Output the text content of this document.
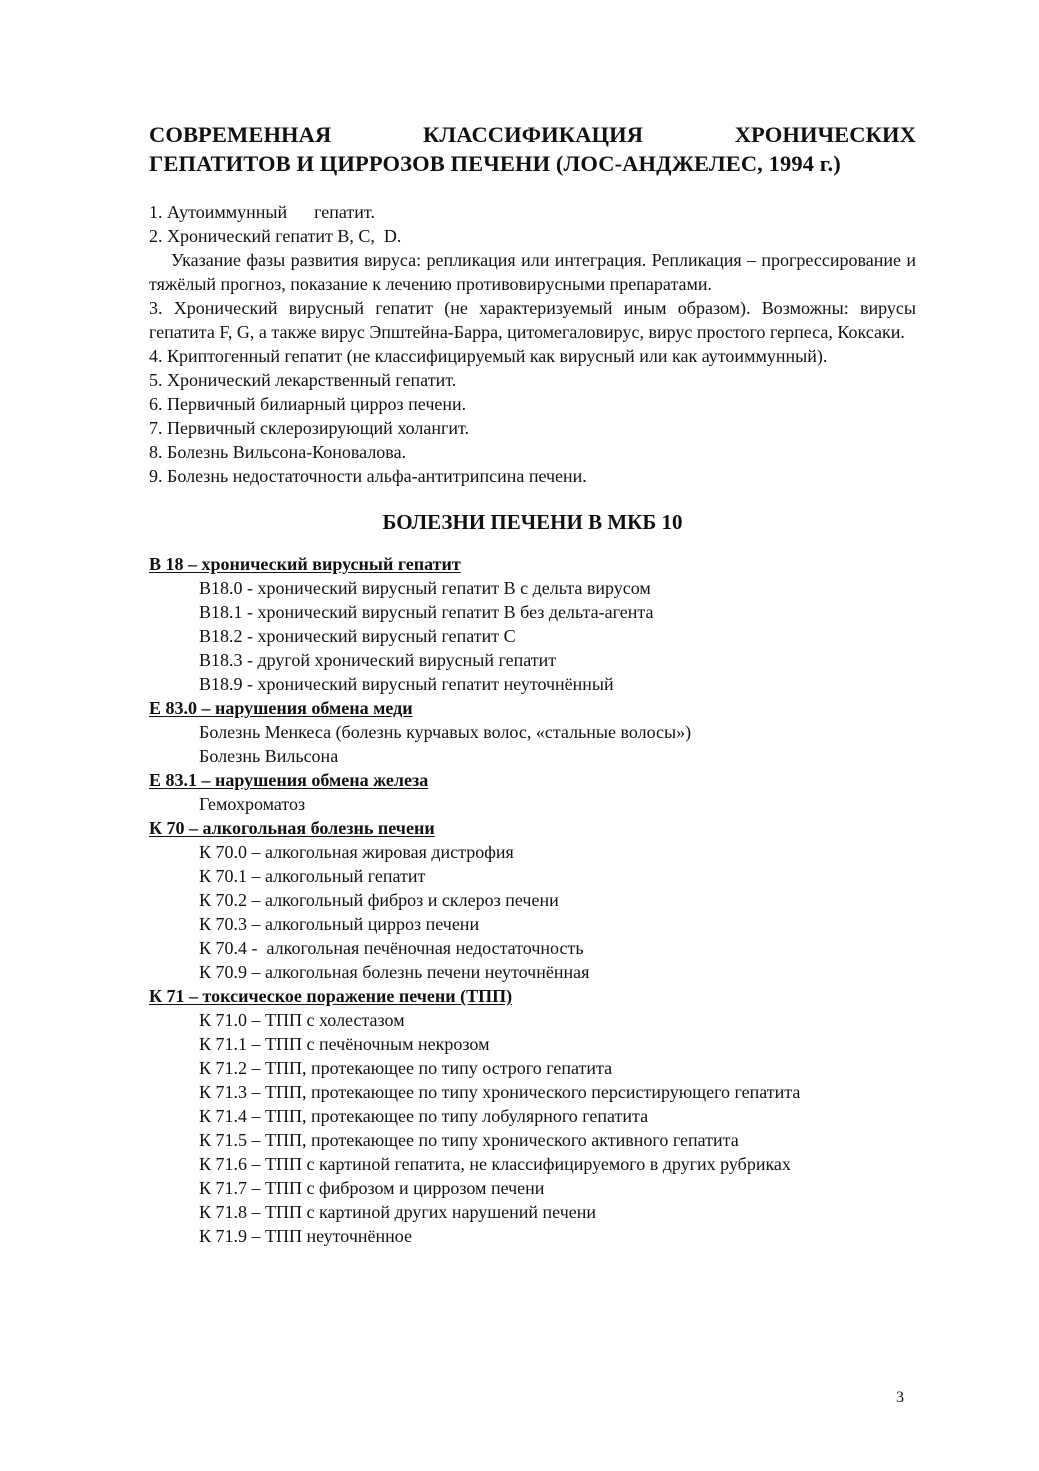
СОВРЕМЕННАЯ КЛАССИФИКАЦИЯ ХРОНИЧЕСКИХ
ГЕПАТИТОВ И ЦИРРОЗОВ ПЕЧЕНИ (ЛОС-АНДЖЕЛЕС, 1994 г.)

1. Аутоиммунный      гепатит.

2. Хронический гепатит В, С,  D.

Указание фазы развития вируса: репликация или интеграция. Репликация – прогрессирование и тяжёлый прогноз, показание к лечению противовирусными препаратами.

3. Хронический вирусный гепатит (не характеризуемый иным образом). Возможны: вирусы гепатита F, G, а также вирус Эпштейна-Барра, цитомегаловирус, вирус простого герпеса, Коксаки.

4. Криптогенный гепатит (не классифицируемый как вирусный или как аутоиммунный).

5. Хронический лекарственный гепатит.

6. Первичный билиарный цирроз печени.

7. Первичный склерозирующий холангит.

8. Болезнь Вильсона-Коновалова.

9. Болезнь недостаточности альфа-антитрипсина печени.

БОЛЕЗНИ ПЕЧЕНИ В МКБ 10
В 18 – хронический вирусный гепатит
В18.0 - хронический вирусный гепатит В с дельта вирусом
В18.1 - хронический вирусный гепатит В без дельта-агента
В18.2 - хронический вирусный гепатит С
В18.3 - другой хронический вирусный гепатит
В18.9 - хронический вирусный гепатит неуточнённый
Е 83.0 – нарушения обмена меди
Болезнь Менкеса (болезнь курчавых волос, «стальные волосы»)
Болезнь Вильсона
Е 83.1 – нарушения обмена железа
Гемохроматоз
К 70 – алкогольная болезнь печени
К 70.0 – алкогольная жировая дистрофия
К 70.1 – алкогольный гепатит
К 70.2 – алкогольный фиброз и склероз печени
К 70.3 – алкогольный цирроз печени
К 70.4 -  алкогольная печёночная недостаточность
К 70.9 – алкогольная болезнь печени неуточнённая
К 71 – токсическое поражение печени (ТПП)
К 71.0 – ТПП с холестазом
К 71.1 – ТПП с печёночным некрозом
К 71.2 – ТПП, протекающее по типу острого гепатита
К 71.3 – ТПП, протекающее по типу хронического персистирующего гепатита
К 71.4 – ТПП, протекающее по типу лобулярного гепатита
К 71.5 – ТПП, протекающее по типу хронического активного гепатита
К 71.6 – ТПП с картиной гепатита, не классифицируемого в других рубриках
К 71.7 – ТПП с фиброзом и циррозом печени
К 71.8 – ТПП с картиной других нарушений печени
К 71.9 – ТПП неуточнённое
3
